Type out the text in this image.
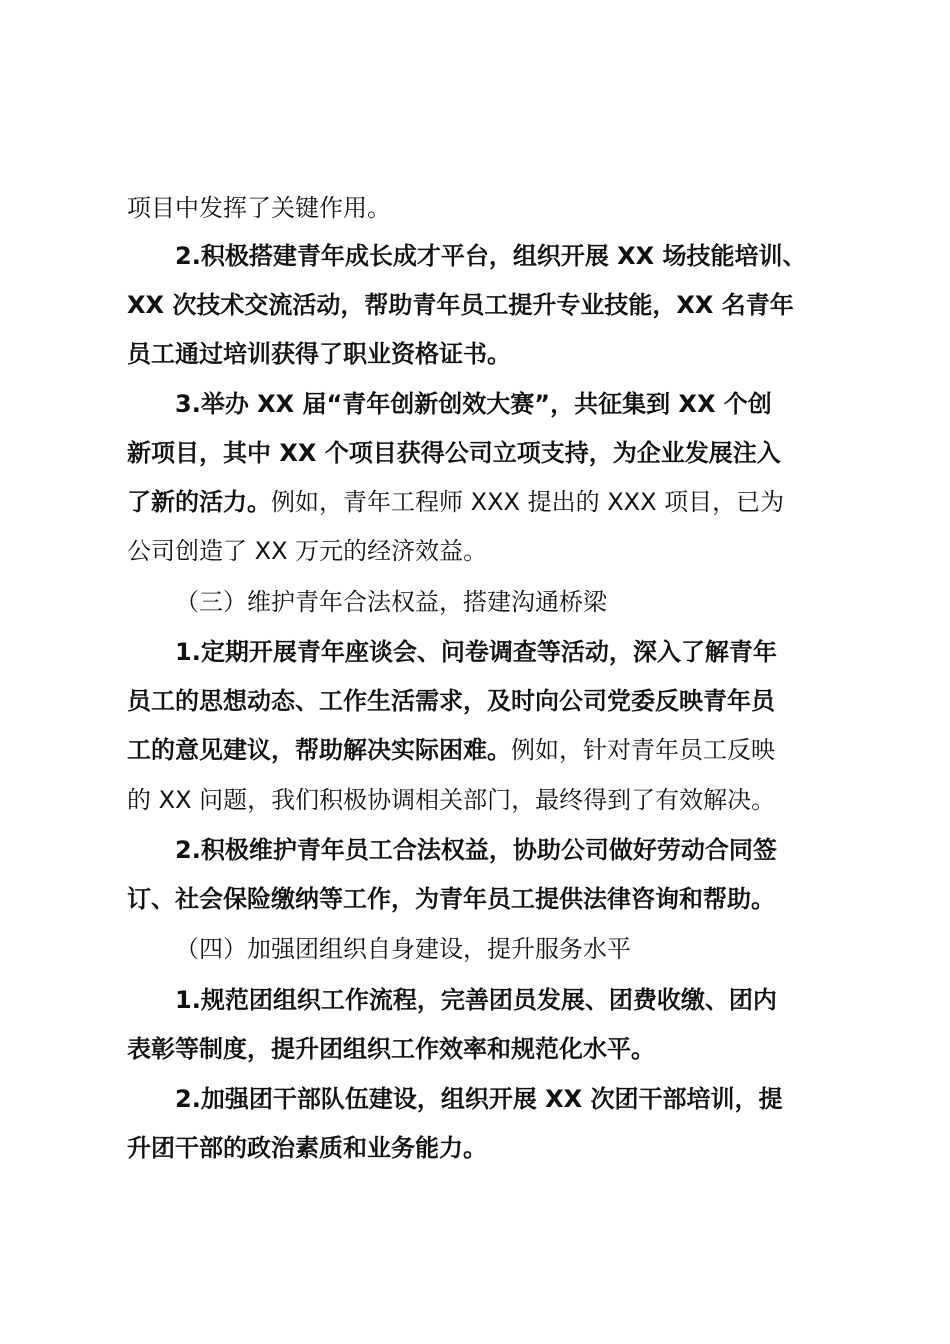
项目中发挥了关键作用。
2.积极搭建青年成长成才平台，组织开展 XX 场技能培训、
XX 次技术交流活动，帮助青年员工提升专业技能，XX 名青年
员工通过培训获得了职业资格证书。
3.举办 XX 届“青年创新创效大赛”，共征集到 XX 个创
新项目，其中 XX 个项目获得公司立项支持，为企业发展注入
了新的活力。例如，青年工程师 XXX 提出的 XXX 项目，已为
公司创造了 XX 万元的经济效益。
（三）维护青年合法权益，搭建沟通桥梁
1.定期开展青年座谈会、问卷调查等活动，深入了解青年
员工的思想动态、工作生活需求，及时向公司党委反映青年员
工的意见建议，帮助解决实际困难。例如，针对青年员工反映
的 XX 问题，我们积极协调相关部门，最终得到了有效解决。
2.积极维护青年员工合法权益，协助公司做好劳动合同签
订、社会保险缴纳等工作，为青年员工提供法律咨询和帮助。
（四）加强团组织自身建设，提升服务水平
1.规范团组织工作流程，完善团员发展、团费收缴、团内
表彰等制度，提升团组织工作效率和规范化水平。
2.加强团干部队伍建设，组织开展 XX 次团干部培训，提
升团干部的政治素质和业务能力。
